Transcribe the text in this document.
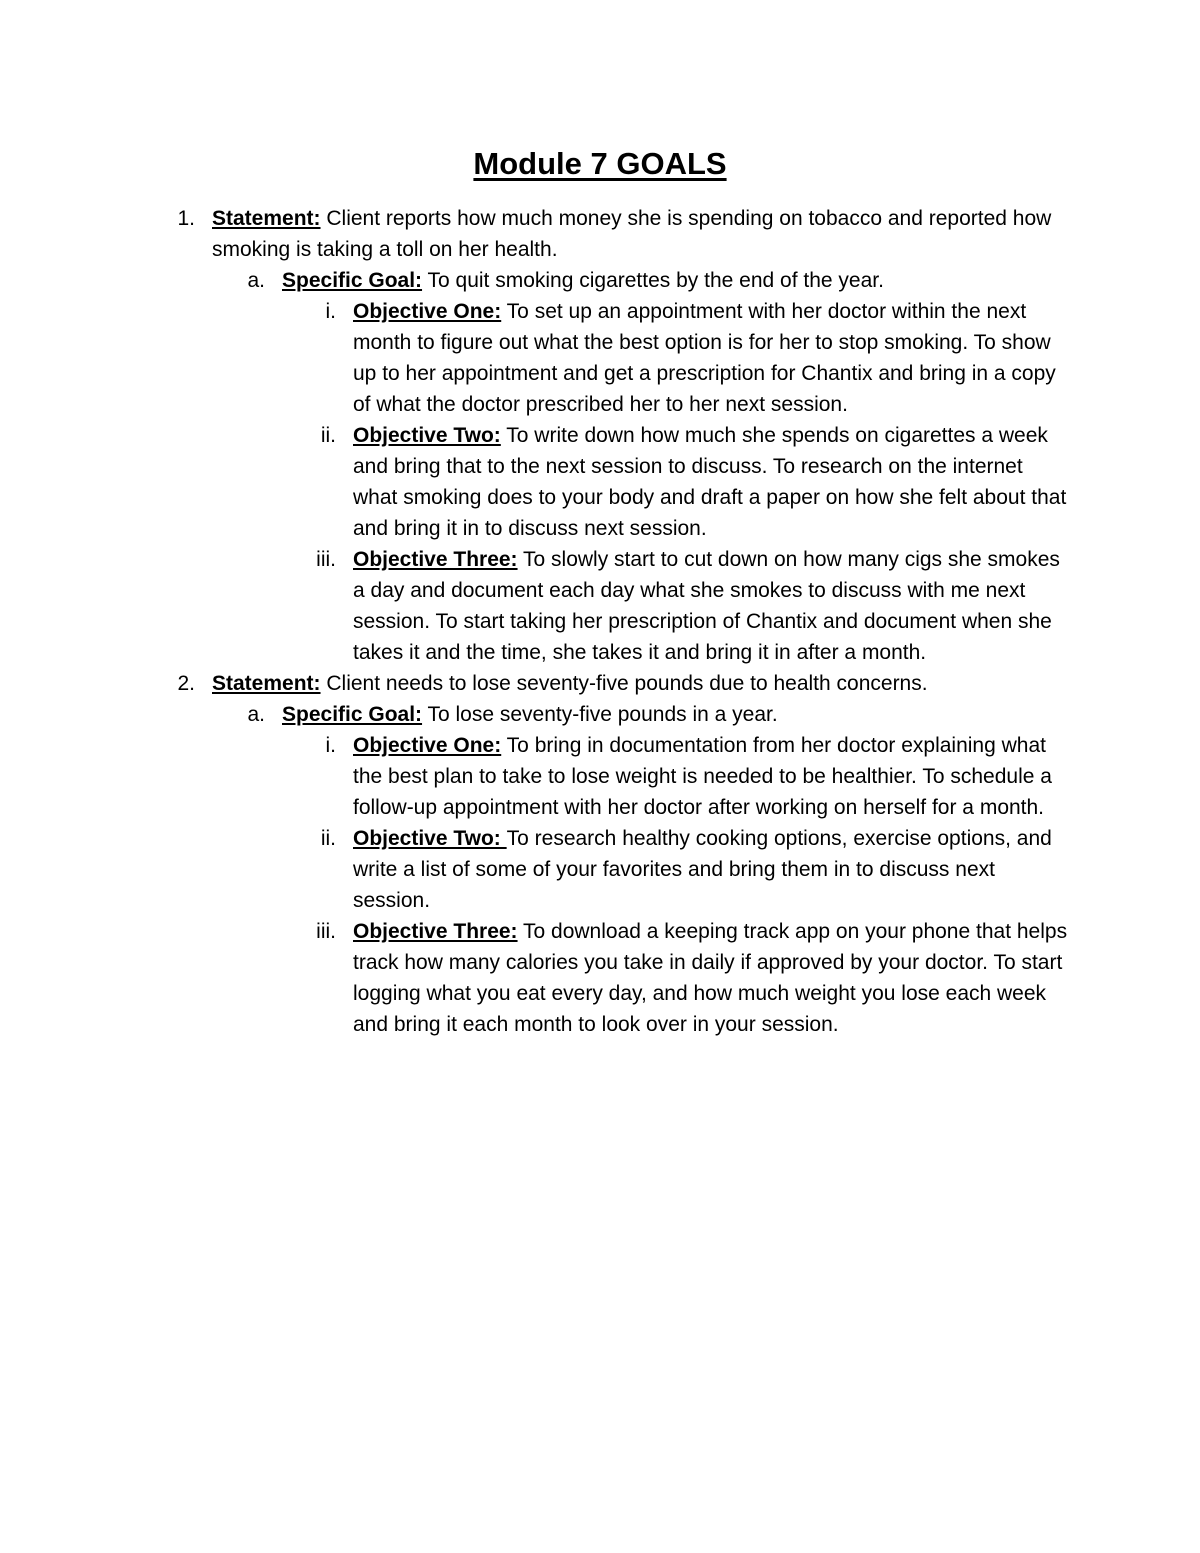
Module 7 GOALS
1. Statement: Client reports how much money she is spending on tobacco and reported how smoking is taking a toll on her health.
a. Specific Goal: To quit smoking cigarettes by the end of the year.
i. Objective One: To set up an appointment with her doctor within the next month to figure out what the best option is for her to stop smoking. To show up to her appointment and get a prescription for Chantix and bring in a copy of what the doctor prescribed her to her next session.
ii. Objective Two: To write down how much she spends on cigarettes a week and bring that to the next session to discuss. To research on the internet what smoking does to your body and draft a paper on how she felt about that and bring it in to discuss next session.
iii. Objective Three: To slowly start to cut down on how many cigs she smokes a day and document each day what she smokes to discuss with me next session. To start taking her prescription of Chantix and document when she takes it and the time, she takes it and bring it in after a month.
2. Statement: Client needs to lose seventy-five pounds due to health concerns.
a. Specific Goal: To lose seventy-five pounds in a year.
i. Objective One: To bring in documentation from her doctor explaining what the best plan to take to lose weight is needed to be healthier. To schedule a follow-up appointment with her doctor after working on herself for a month.
ii. Objective Two: To research healthy cooking options, exercise options, and write a list of some of your favorites and bring them in to discuss next session.
iii. Objective Three: To download a keeping track app on your phone that helps track how many calories you take in daily if approved by your doctor. To start logging what you eat every day, and how much weight you lose each week and bring it each month to look over in your session.
